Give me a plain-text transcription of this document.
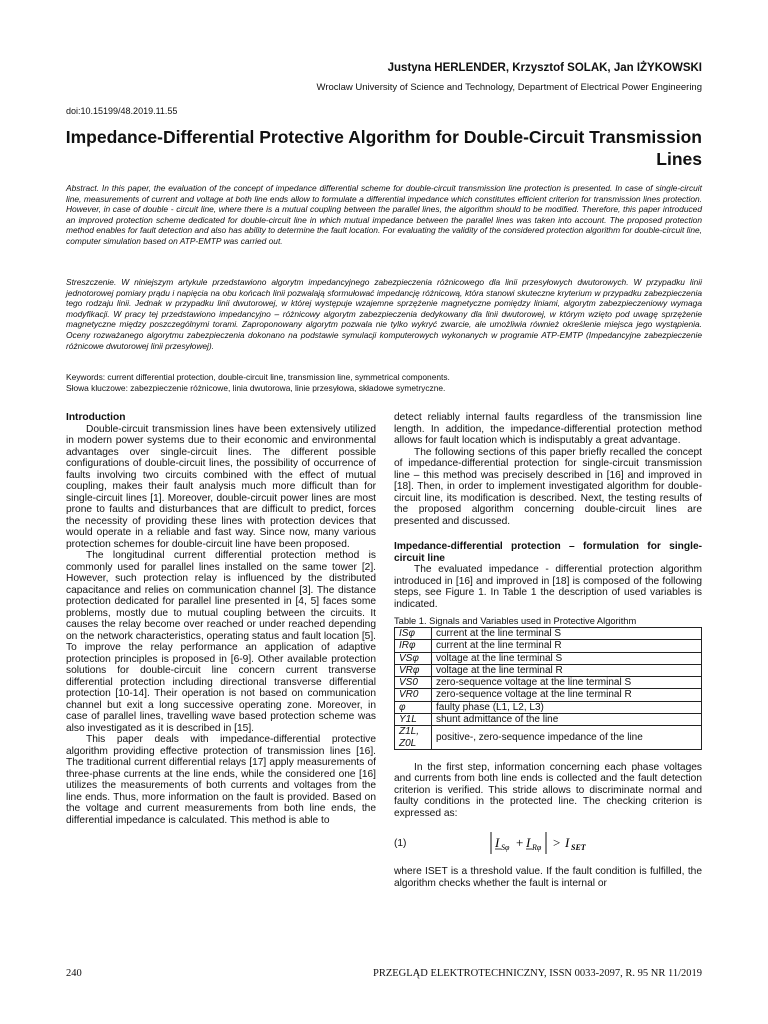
Justyna HERLENDER, Krzysztof SOLAK, Jan IŻYKOWSKI
Wroclaw University of Science and Technology, Department of Electrical Power Engineering
doi:10.15199/48.2019.11.55
Impedance-Differential Protective Algorithm for Double-Circuit Transmission Lines
Abstract. In this paper, the evaluation of the concept of impedance differential scheme for double-circuit transmission line protection is presented. In case of single-circuit line, measurements of current and voltage at both line ends allow to formulate a differential impedance which constitutes efficient criterion for transmission lines protection. However, in case of double - circuit line, where there is a mutual coupling between the parallel lines, the algorithm should to be modified. Therefore, this paper introduced an improved protection scheme dedicated for double-circuit line in which mutual impedance between the parallel lines was taken into account. The proposed protection method enables for fault detection and also has ability to determine the fault location. For evaluating the validity of the considered protection algorithm for double-circuit line, computer simulation based on ATP-EMTP was carried out.
Streszczenie. W niniejszym artykule przedstawiono algorytm impedancyjnego zabezpieczenia różnicowego dla linii przesyłowych dwutorowych. W przypadku linii jednotorowej pomiary prądu i napięcia na obu końcach linii pozwalają sformułować impedancję różnicową, która stanowi skuteczne kryterium w przypadku zabezpieczenia tego rodzaju linii. Jednak w przypadku linii dwutorowej, w której występuje wzajemne sprzężenie magnetyczne pomiędzy liniami, algorytm zabezpieczeniowy wymaga modyfikacji. W pracy tej przedstawiono impedancyjno – różnicowy algorytm zabezpieczenia dedykowany dla linii dwutorowej, w którym wzięto pod uwagę sprzężenie magnetyczne między poszczególnymi torami. Zaproponowany algorytm pozwala nie tylko wykryć zwarcie, ale umożliwia również określenie miejsca jego wystąpienia. Oceny rozważanego algorytmu zabezpieczenia dokonano na podstawie symulacji komputerowych wykonanych w programie ATP-EMTP (Impedancyjne zabezpieczenie różnicowe dwutorowej linii przesyłowej).
Keywords: current differential protection, double-circuit line, transmission line, symmetrical components.
Słowa kluczowe: zabezpieczenie różnicowe, linia dwutorowa, linie przesyłowa, składowe symetryczne.
Introduction

Double-circuit transmission lines have been extensively utilized in modern power systems due to their economic and environmental advantages over single-circuit lines. The different possible configurations of double-circuit lines, the possibility of occurrence of faults involving two circuits combined with the effect of mutual coupling, makes their fault analysis much more difficult than for single-circuit lines [1]. Moreover, double-circuit power lines are most prone to faults and disturbances that are difficult to predict, forces the necessity of providing these lines with protection devices that would operate in a reliable and fast way. Since now, many various protection schemes for double-circuit line have been proposed.

The longitudinal current differential protection method is commonly used for parallel lines installed on the same tower [2]. However, such protection relay is influenced by the distributed capacitance and relies on communication channel [3]. The distance protection dedicated for parallel line presented in [4, 5] faces some problems, mostly due to mutual coupling between the circuits. It causes the relay become over reached or under reached depending on the network characteristics, operating status and fault location [5]. To improve the relay performance an application of adaptive protection principles is proposed in [6-9]. Other available protection solutions for double-circuit line concern current transverse differential protection including directional transverse differential protection [10-14]. Their operation is not based on communication channel but exit a long successive operating zone. Moreover, in case of parallel lines, travelling wave based protection scheme was also investigated as it is described in [15].

This paper deals with impedance-differential protective algorithm providing effective protection of transmission lines [16]. The traditional current differential relays [17] apply measurements of three-phase currents at the line ends, while the considered one [16] utilizes the measurements of both currents and voltages from the line ends. Thus, more information on the fault is provided. Based on the voltage and current measurements from both line ends, the differential impedance is calculated. This method is able to

detect reliably internal faults regardless of the transmission line length. In addition, the impedance-differential protection method allows for fault location which is indisputably a great advantage.

The following sections of this paper briefly recalled the concept of impedance-differential protection for single-circuit transmission line – this method was precisely described in [16] and improved in [18]. Then, in order to implement investigated algorithm for double-circuit line, its modification is described. Next, the testing results of the proposed algorithm concerning double-circuit lines are presented and discussed.

Impedance-differential protection – formulation for single-circuit line

The evaluated impedance - differential protection algorithm introduced in [16] and improved in [18] is composed of the following steps, see Figure 1. In Table 1 the description of used variables is indicated.

Table 1. Signals and Variables used in Protective Algorithm
ISφ	current at the line terminal S
IRφ	current at the line terminal R
VSφ	voltage at the line terminal S
VRφ	voltage at the line terminal R
VS0	zero-sequence voltage at the line terminal S
VR0	zero-sequence voltage at the line terminal R
φ	faulty phase (L1, L2, L3)
Y1L	shunt admittance of the line
Z1L, Z0L	positive-, zero-sequence impedance of the line

In the first step, information concerning each phase voltages and currents from both line ends is collected and the fault detection criterion is verified. This stride allows to discriminate normal and faulty conditions in the protected line. The checking criterion is expressed as:

(1)	I Sφ + I Rφ > I SET

where ISET is a threshold value. If the fault condition is fulfilled, the algorithm checks whether the fault is internal or

240	PRZEGLĄD ELEKTROTECHNICZNY, ISSN 0033-2097, R. 95 NR 11/2019
